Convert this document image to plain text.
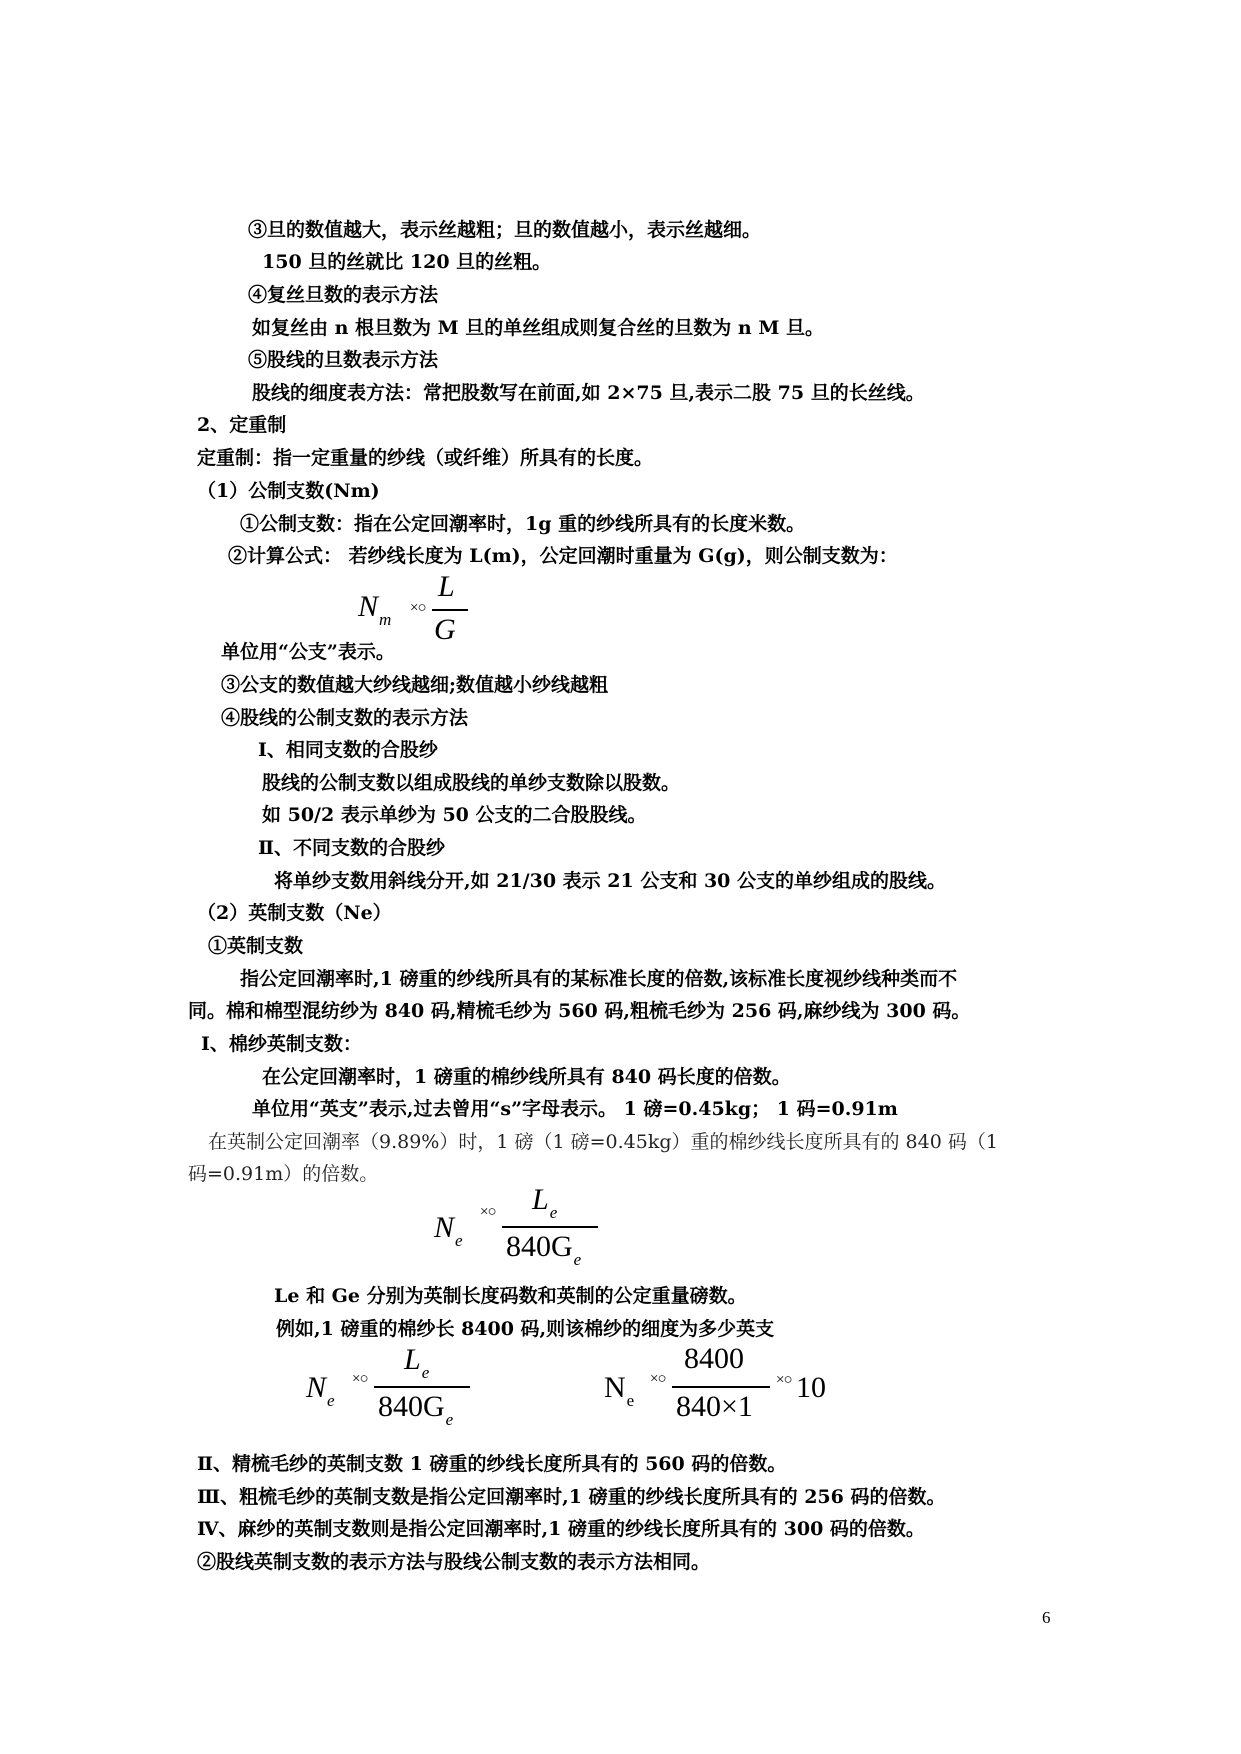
③旦的数值越大，表示丝越粗；旦的数值越小，表示丝越细。
150 旦的丝就比 120 旦的丝粗。
④复丝旦数的表示方法
如复丝由 n 根旦数为 M 旦的单丝组成则复合丝的旦数为 n M 旦。
⑤股线的旦数表示方法
股线的细度表方法：常把股数写在前面,如 2×75 旦,表示二股 75 旦的长丝线。
2、定重制
定重制：指一定重量的纱线（或纤维）所具有的长度。
（1）公制支数(Nm)
①公制支数：指在公定回潮率时，1g 重的纱线所具有的长度米数。
②计算公式： 若纱线长度为 L(m)，公定回潮时重量为 G(g)，则公制支数为：
$N_m$
×○
L
G
单位用“公支”表示。
③公支的数值越大纱线越细;数值越小纱线越粗
④股线的公制支数的表示方法
Ⅰ、相同支数的合股纱
股线的公制支数以组成股线的单纱支数除以股数。
如 50/2 表示单纱为 50 公支的二合股股线。
Ⅱ、不同支数的合股纱
将单纱支数用斜线分开,如 21/30 表示 21 公支和 30 公支的单纱组成的股线。
（2）英制支数（Ne）
①英制支数
指公定回潮率时,1 磅重的纱线所具有的某标准长度的倍数,该标准长度视纱线种类而不
同。棉和棉型混纺纱为 840 码,精梳毛纱为 560 码,粗梳毛纱为 256 码,麻纱线为 300 码。
Ⅰ、棉纱英制支数：
在公定回潮率时，1 磅重的棉纱线所具有 840 码长度的倍数。
单位用“英支”表示,过去曾用“s”字母表示。 1 磅=0.45kg； 1 码=0.91m
在英制公定回潮率（9.89%）时，1 磅（1 磅=0.45kg）重的棉纱线长度所具有的 840 码（1
码=0.91m）的倍数。
$N_e$
×○ $L_e$
$840G_e$
Le 和 Ge 分别为英制长度码数和英制的公定重量磅数。
例如,1 磅重的棉纱长 8400 码,则该棉纱的细度为多少英支
$N_e$
×○
$L_e$
$840G_e$
$N_e$
×○
8400
840×1
×○ 10
Ⅱ、精梳毛纱的英制支数 1 磅重的纱线长度所具有的 560 码的倍数。
Ⅲ、粗梳毛纱的英制支数是指公定回潮率时,1 磅重的纱线长度所具有的 256 码的倍数。
Ⅳ、麻纱的英制支数则是指公定回潮率时,1 磅重的纱线长度所具有的 300 码的倍数。
②股线英制支数的表示方法与股线公制支数的表示方法相同。
6
